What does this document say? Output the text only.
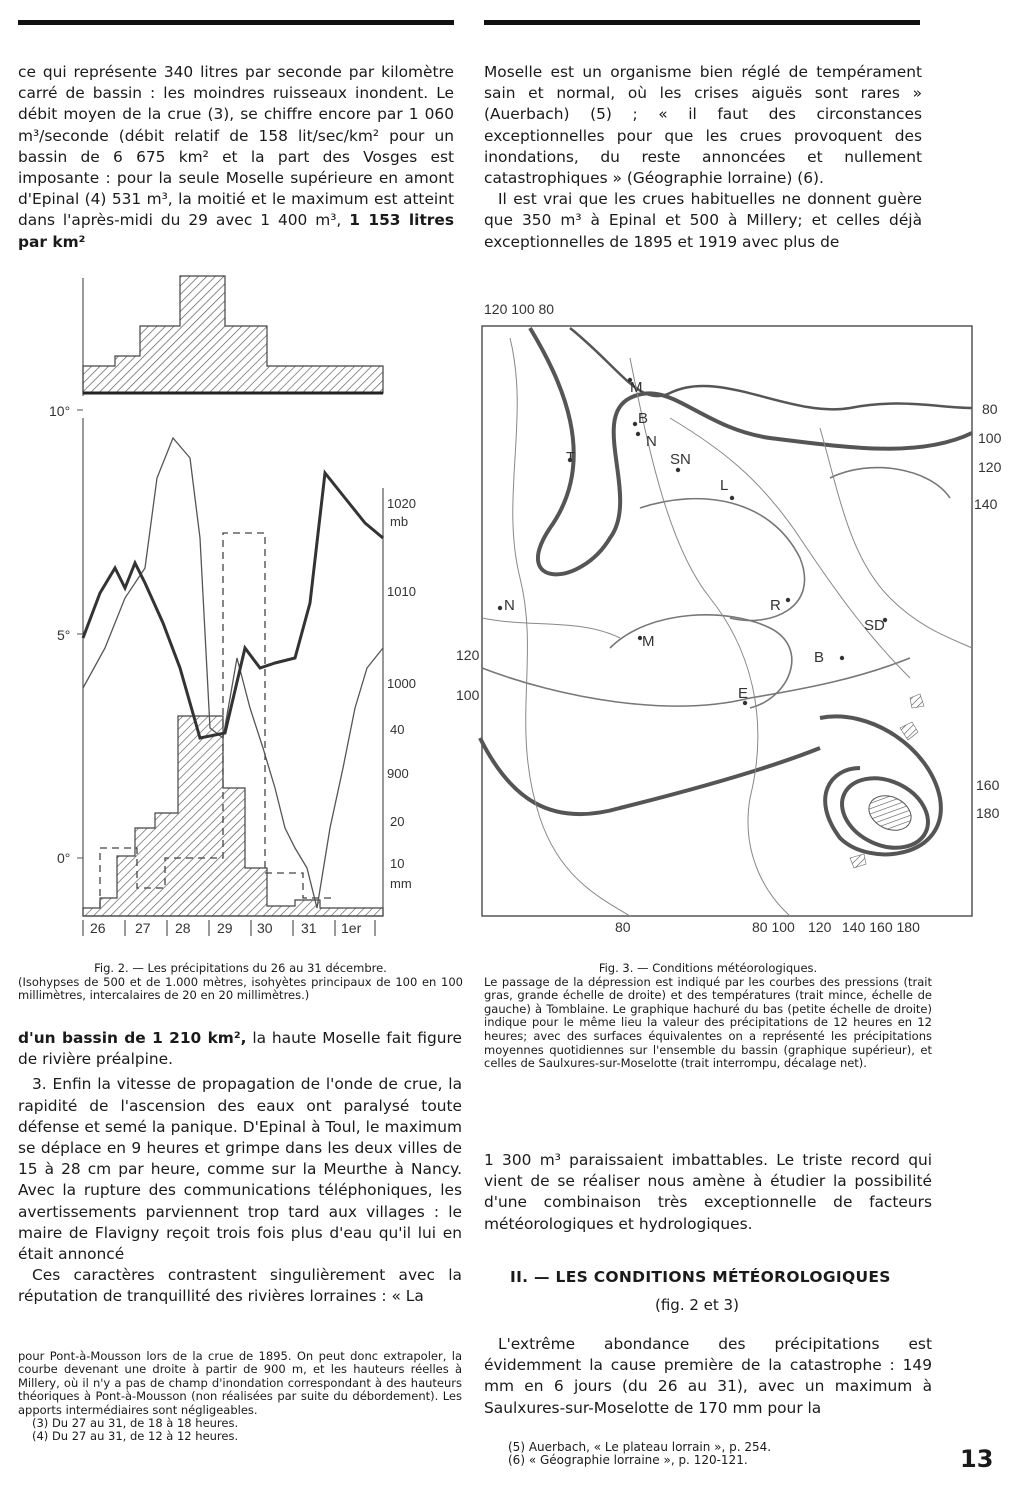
ce qui représente 340 litres par seconde par kilomètre carré de bassin : les moindres ruisseaux inondent. Le débit moyen de la crue (3), se chiffre encore par 1 060 m³/seconde (débit relatif de 158 lit/sec/km² pour un bassin de 6 675 km² et la part des Vosges est imposante : pour la seule Moselle supérieure en amont d'Epinal (4) 531 m³, la moitié et le maximum est atteint dans l'après-midi du 29 avec 1 400 m³, 1 153 litres par km²

Moselle est un organisme bien réglé de tempérament sain et normal, où les crises aiguës sont rares » (Auerbach) (5) ; « il faut des circonstances exceptionnelles pour que les crues provoquent des inondations, du reste annoncées et nullement catastrophiques » (Géographie lorraine) (6).

Il est vrai que les crues habituelles ne donnent guère que 350 m³ à Epinal et 500 à Millery; et celles déjà exceptionnelles de 1895 et 1919 avec plus de

10°
5°
0°
1020
mb
1010
1000
40
900
20
10
mm
26 27 28 29 30 31 1er
120 100 80
80
100
120
140
160
180
120
100
80	80 100 120 140 160 180
M
B
N
T	SN
L
N	R
SD
M
B
E
Fig. 2. — Les précipitations du 26 au 31 décembre.
(Isohypses de 500 et de 1.000 mètres, isohyètes principaux de 100 en 100 millimètres, intercalaires de 20 en 20 millimètres.)
Fig. 3. — Conditions météorologiques.
Le passage de la dépression est indiqué par les courbes des pressions (trait gras, grande échelle de droite) et des températures (trait mince, échelle de gauche) à Tomblaine. Le graphique hachuré du bas (petite échelle de droite) indique pour le même lieu la valeur des précipitations de 12 heures en 12 heures; avec des surfaces équivalentes on a représenté les précipitations moyennes quotidiennes sur l'ensemble du bassin (graphique supérieur), et celles de Saulxures-sur-Moselotte (trait interrompu, décalage net).

d'un bassin de 1 210 km², la haute Moselle fait figure de rivière préalpine.

3. Enfin la vitesse de propagation de l'onde de crue, la rapidité de l'ascension des eaux ont paralysé toute défense et semé la panique. D'Epinal à Toul, le maximum se déplace en 9 heures et grimpe dans les deux villes de 15 à 28 cm par heure, comme sur la Meurthe à Nancy. Avec la rupture des communications téléphoniques, les avertissements parviennent trop tard aux villages : le maire de Flavigny reçoit trois fois plus d'eau qu'il lui en était annoncé

Ces caractères contrastent singulièrement avec la réputation de tranquillité des rivières lorraines : « La

pour Pont-à-Mousson lors de la crue de 1895. On peut donc extrapoler, la courbe devenant une droite à partir de 900 m, et les hauteurs réelles à Millery, où il n'y a pas de champ d'inondation correspondant à des hauteurs théoriques à Pont-à-Mousson (non réalisées par suite du débordement). Les apports intermédiaires sont négligeables.
(3) Du 27 au 31, de 18 à 18 heures.
(4) Du 27 au 31, de 12 à 12 heures.

1 300 m³ paraissaient imbattables. Le triste record qui vient de se réaliser nous amène à étudier la possibilité d'une combinaison très exceptionnelle de facteurs météorologiques et hydrologiques.

II. — LES CONDITIONS MÉTÉOROLOGIQUES
(fig. 2 et 3)

L'extrême abondance des précipitations est évidemment la cause première de la catastrophe : 149 mm en 6 jours (du 26 au 31), avec un maximum à Saulxures-sur-Moselotte de 170 mm pour la

(5) Auerbach, « Le plateau lorrain », p. 254.
(6) « Géographie lorraine », p. 120-121.	13
